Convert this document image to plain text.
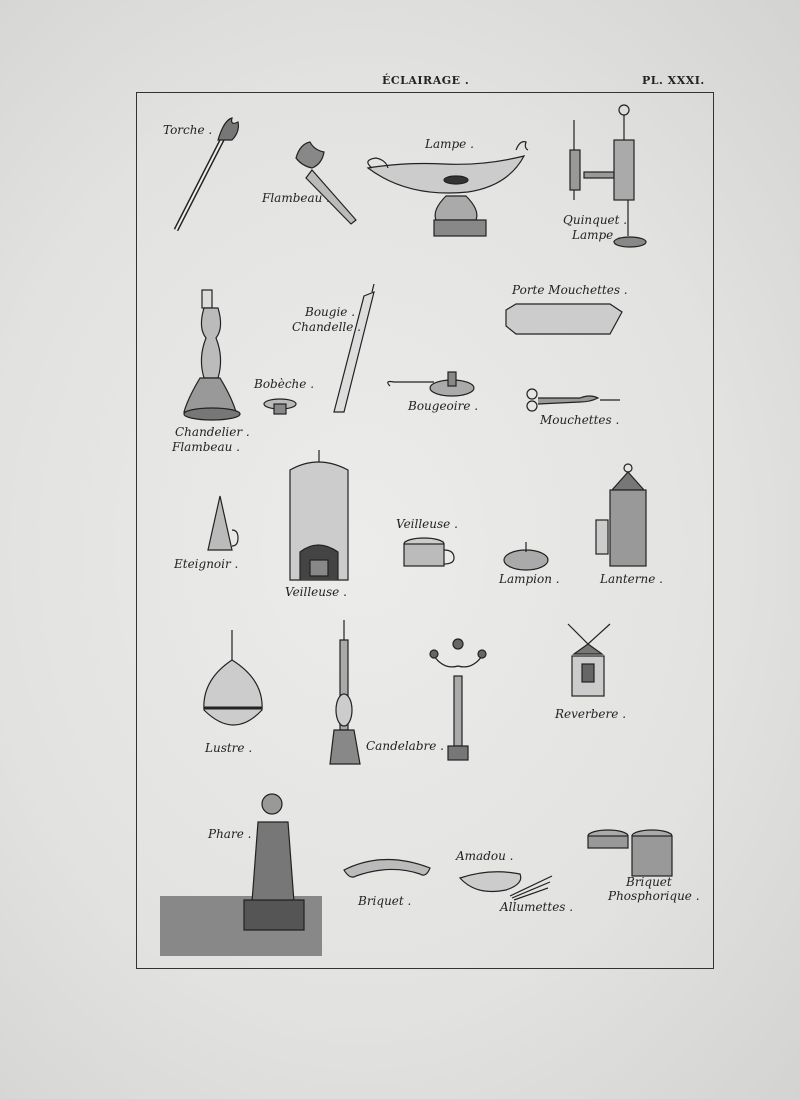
ÉCLAIRAGE .	PL. XXXI.
Torche .
Flambeau .
Lampe .
Quinquet .
Lampe .
Porte Mouchettes .
Bougie .
Chandelle .
Bobèche .
Chandelier .
Flambeau .
Bougeoire .
Mouchettes .
Veilleuse .
Eteignoir .
Veilleuse .
Lampion .	Lanterne .
Reverbere .
Lustre .	Candelabre .
Phare .
Amadou .
Briquet .	Allumettes .
Briquet
Phosphorique .
